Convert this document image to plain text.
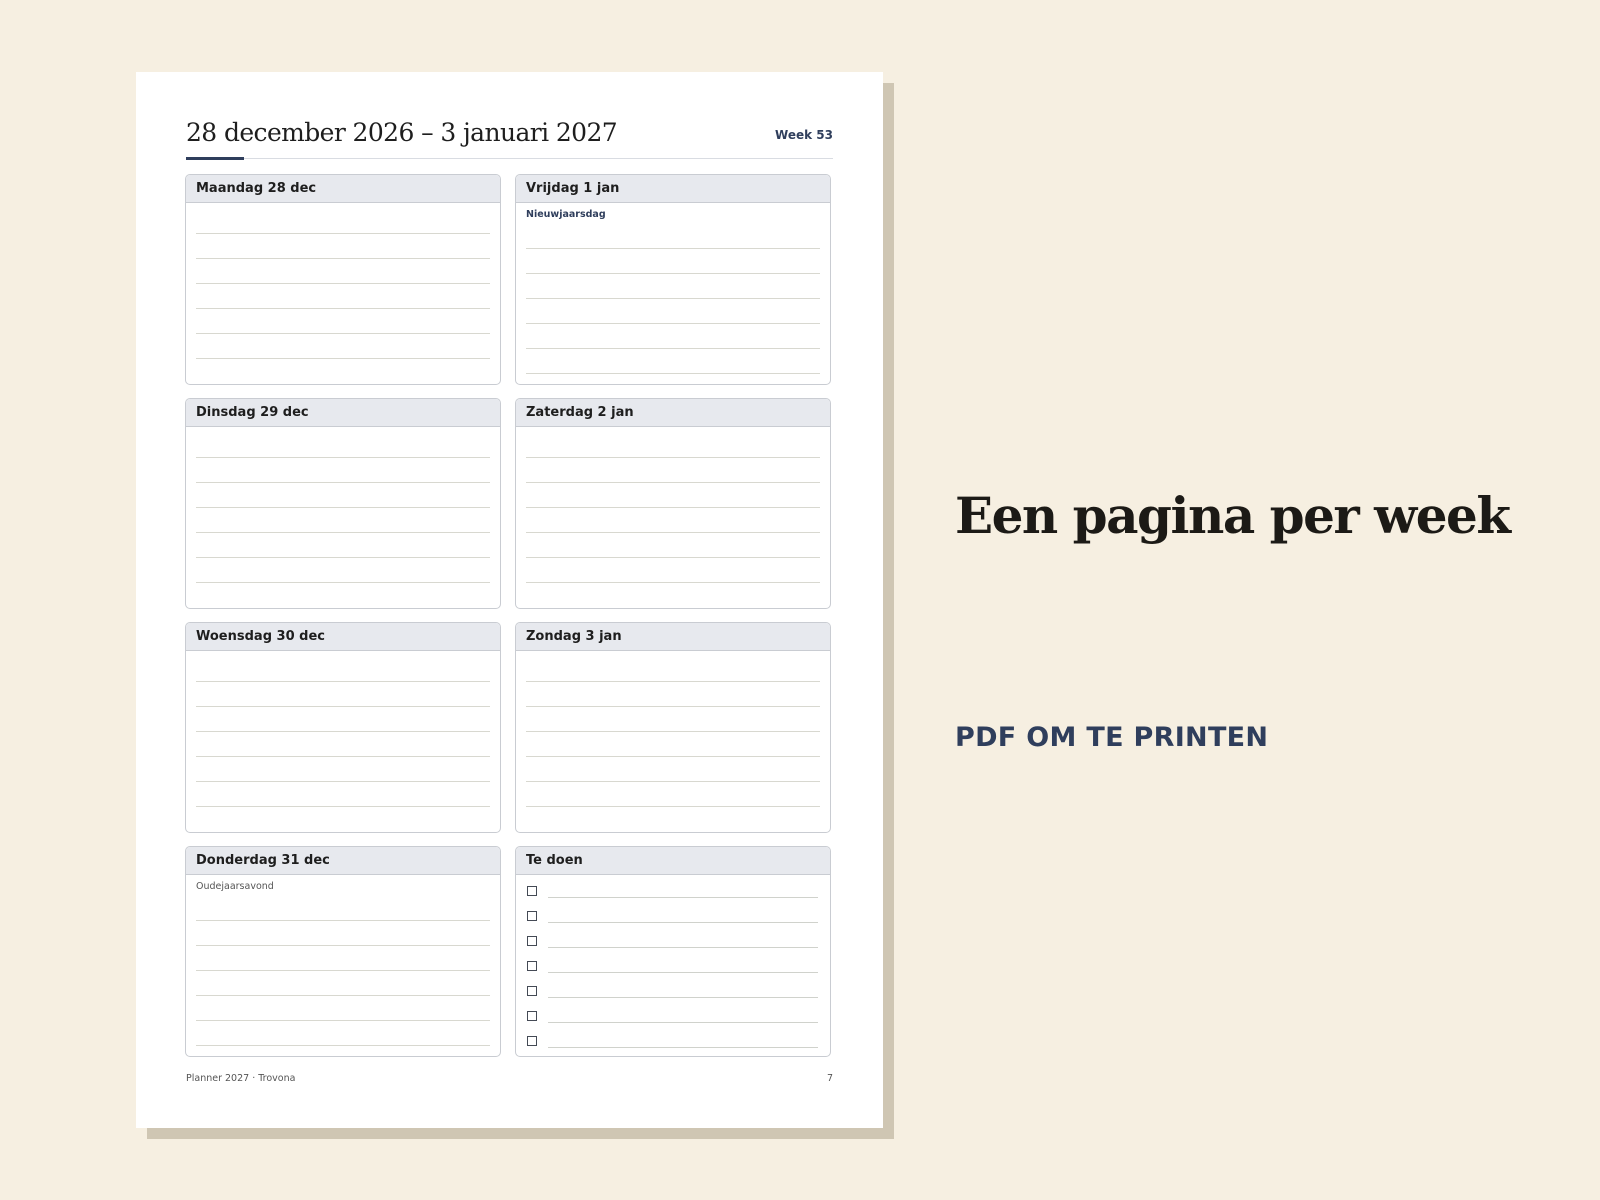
28 december 2026 – 3 januari 2027	Week 53
Maandag 28 dec	Vrijdag 1 jan
Nieuwjaarsdag
Dinsdag 29 dec	Zaterdag 2 jan
Woensdag 30 dec	Zondag 3 jan
Donderdag 31 dec
Oudejaarsavond
Te doen
Planner 2027 · Trovona	7
Een pagina per week

PDF OM TE PRINTEN
